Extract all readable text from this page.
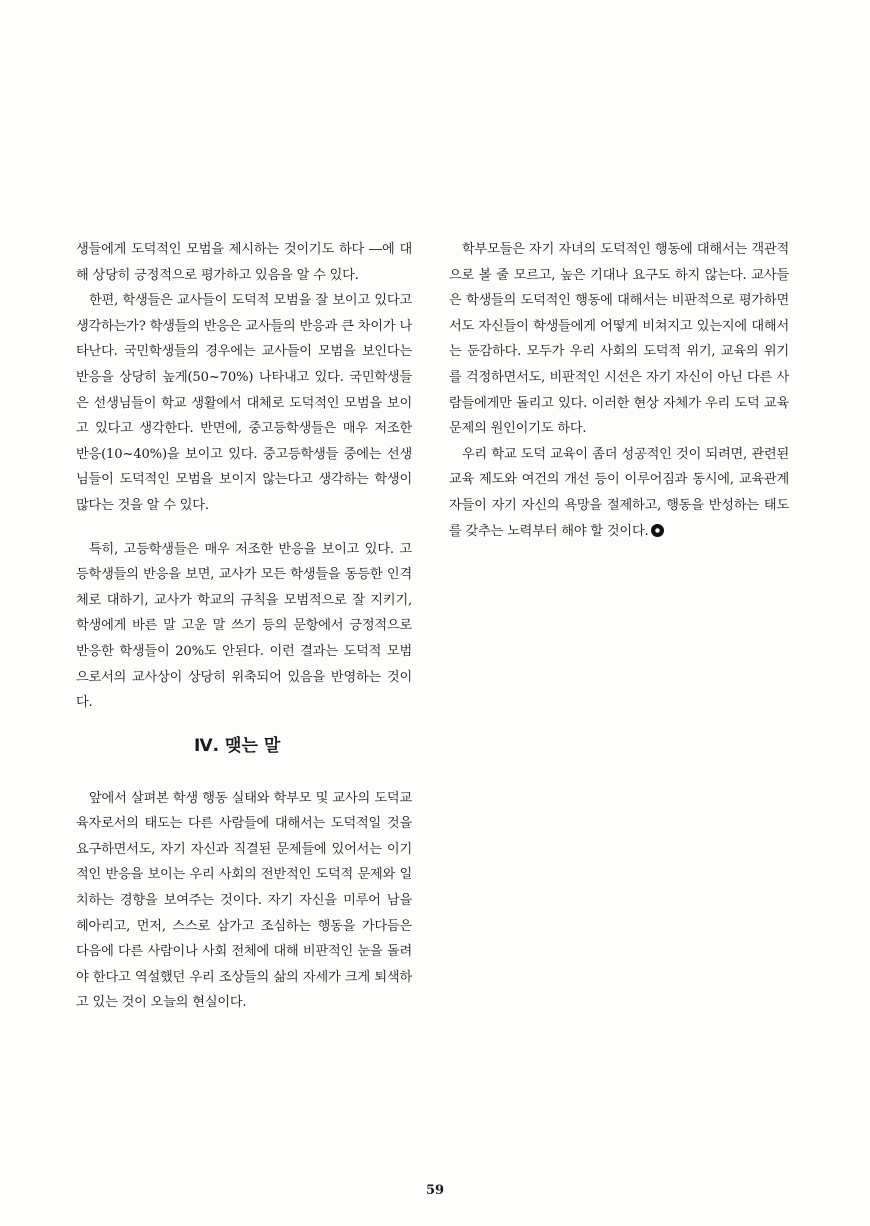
생들에게 도덕적인 모범을 제시하는 것이기도 하다 ―에 대해 상당히 긍정적으로 평가하고 있음을 알 수 있다.

한편, 학생들은 교사들이 도덕적 모범을 잘 보이고 있다고 생각하는가? 학생들의 반응은 교사들의 반응과 큰 차이가 나타난다. 국민학생들의 경우에는 교사들이 모범을 보인다는 반응을 상당히 높게(50~70%) 나타내고 있다. 국민학생들은 선생님들이 학교 생활에서 대체로 도덕적인 모범을 보이고 있다고 생각한다. 반면에, 중고등학생들은 매우 저조한 반응(10~40%)을 보이고 있다. 중고등학생들 중에는 선생님들이 도덕적인 모범을 보이지 않는다고 생각하는 학생이 많다는 것을 알 수 있다.

특히, 고등학생들은 매우 저조한 반응을 보이고 있다. 고등학생들의 반응을 보면, 교사가 모든 학생들을 동등한 인격체로 대하기, 교사가 학교의 규칙을 모범적으로 잘 지키기, 학생에게 바른 말 고운 말 쓰기 등의 문항에서 긍정적으로 반응한 학생들이 20%도 안된다. 이런 결과는 도덕적 모범으로서의 교사상이 상당히 위축되어 있음을 반영하는 것이다.

Ⅳ. 맺는 말

앞에서 살펴본 학생 행동 실태와 학부모 및 교사의 도덕교육자로서의 태도는 다른 사람들에 대해서는 도덕적일 것을 요구하면서도, 자기 자신과 직결된 문제들에 있어서는 이기적인 반응을 보이는 우리 사회의 전반적인 도덕적 문제와 일치하는 경향을 보여주는 것이다. 자기 자신을 미루어 남을 헤아리고, 먼저, 스스로 삼가고 조심하는 행동을 가다듬은 다음에 다른 사람이나 사회 전체에 대해 비판적인 눈을 돌려야 한다고 역설했던 우리 조상들의 삶의 자세가 크게 퇴색하고 있는 것이 오늘의 현실이다.

학부모들은 자기 자녀의 도덕적인 행동에 대해서는 객관적으로 볼 줄 모르고, 높은 기대나 요구도 하지 않는다. 교사들은 학생들의 도덕적인 행동에 대해서는 비판적으로 평가하면서도 자신들이 학생들에게 어떻게 비쳐지고 있는지에 대해서는 둔감하다. 모두가 우리 사회의 도덕적 위기, 교육의 위기를 걱정하면서도, 비판적인 시선은 자기 자신이 아닌 다른 사람들에게만 돌리고 있다. 이러한 현상 자체가 우리 도덕 교육 문제의 원인이기도 하다.

우리 학교 도덕 교육이 좀더 성공적인 것이 되려면, 관련된 교육 제도와 여건의 개선 등이 이루어짐과 동시에, 교육관계자들이 자기 자신의 욕망을 절제하고, 행동을 반성하는 태도를 갖추는 노력부터 해야 할 것이다.

59
